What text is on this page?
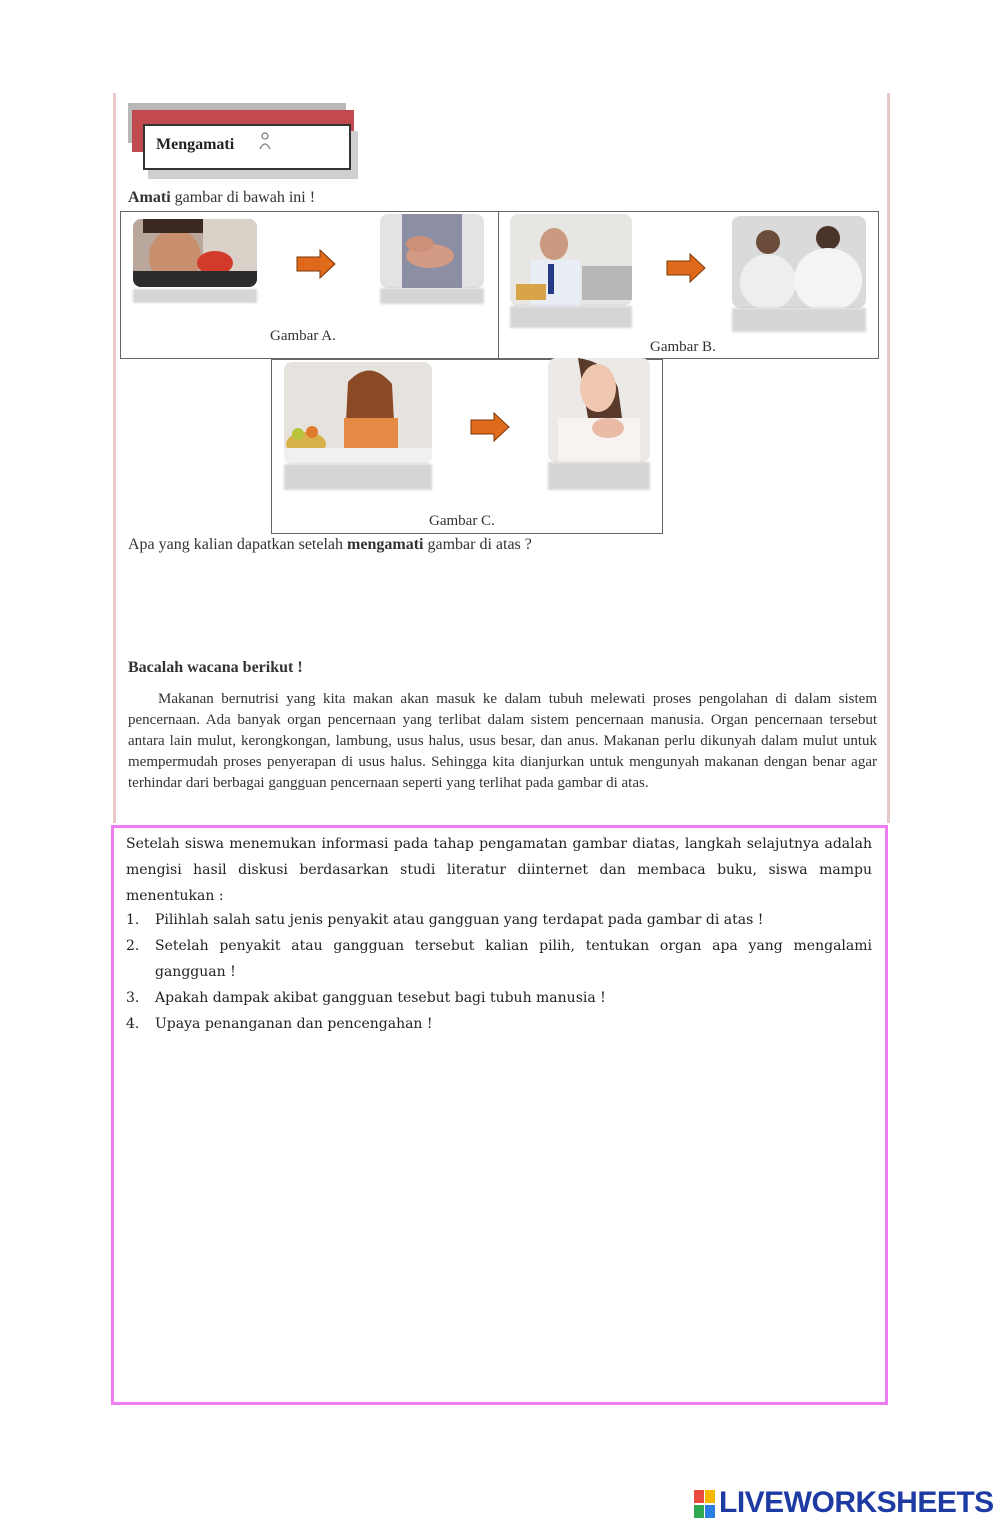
Mengamati
Amati gambar di bawah ini !
Gambar A.
Gambar B.
Gambar C.
Apa yang kalian dapatkan setelah mengamati gambar di atas ?
Bacalah wacana berikut !
Makanan bernutrisi yang kita makan akan masuk ke dalam tubuh melewati proses pengolahan di dalam sistem pencernaan. Ada banyak organ pencernaan yang terlibat dalam sistem pencernaan manusia. Organ pencernaan tersebut antara lain mulut, kerongkongan, lambung, usus halus, usus besar, dan anus. Makanan perlu dikunyah dalam mulut untuk mempermudah proses penyerapan di usus halus. Sehingga kita dianjurkan untuk mengunyah makanan dengan benar agar terhindar dari berbagai gangguan pencernaan seperti yang terlihat pada gambar di atas.
Setelah siswa menemukan informasi pada tahap pengamatan gambar diatas, langkah selajutnya adalah mengisi hasil diskusi berdasarkan studi literatur diinternet dan membaca buku, siswa mampu menentukan :
1. Pilihlah salah satu jenis penyakit atau gangguan yang terdapat pada gambar di atas !
2. Setelah penyakit atau gangguan tersebut kalian pilih, tentukan organ apa yang mengalami gangguan !
3. Apakah dampak akibat gangguan tesebut bagi tubuh manusia !
4. Upaya penanganan dan pencengahan !
LIVEWORKSHEETS
